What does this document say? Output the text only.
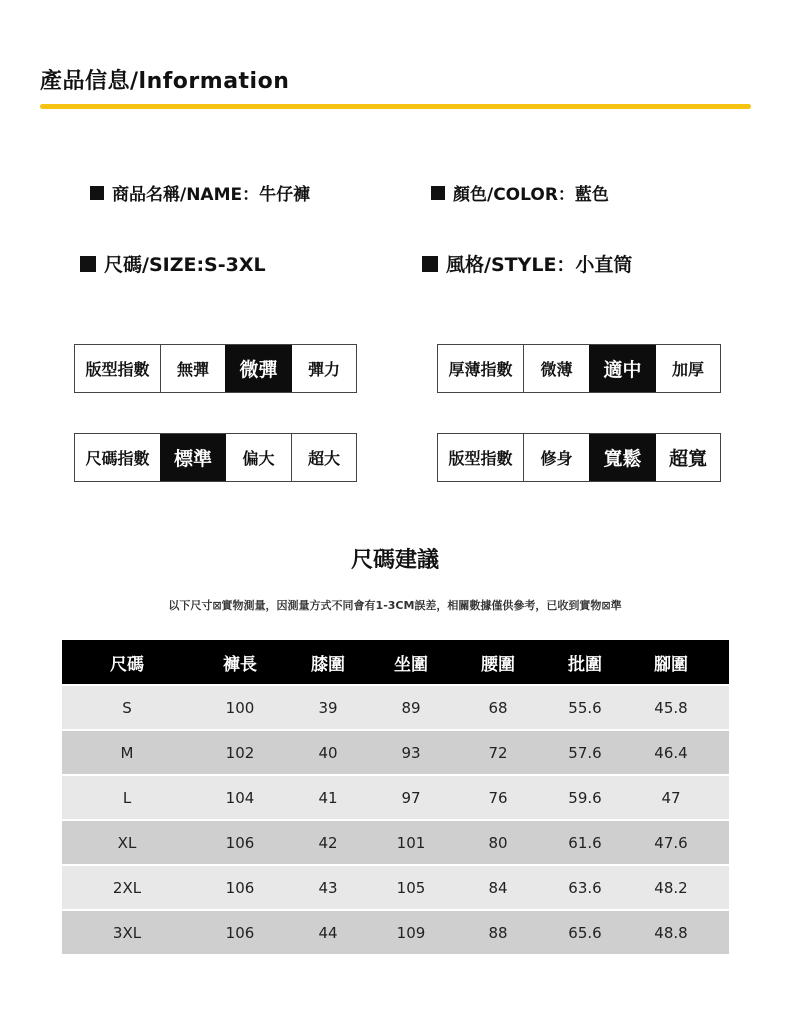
產品信息/lnformation
商品名稱/NAME：牛仔褲	顏色/COLOR：藍色
尺碼/SIZE:S-3XL	風格/STYLE：小直筒
版型指數	無彈	微彈	彈力	厚薄指數	微薄	適中	加厚
尺碼指數	標準	偏大	超大	版型指數	修身	寬鬆	超寬
尺碼建議
以下尺寸⊠實物測量，因測量方式不同會有1-3CM誤差，相關數據僅供參考，已收到實物⊠準
尺碼	褲長	膝圍	坐圍	腰圍	批圍	腳圍
S	100	39	89	68	55.6	45.8
M	102	40	93	72	57.6	46.4
L	104	41	97	76	59.6	47
XL	106	42	101	80	61.6	47.6
2XL	106	43	105	84	63.6	48.2
3XL	106	44	109	88	65.6	48.8
